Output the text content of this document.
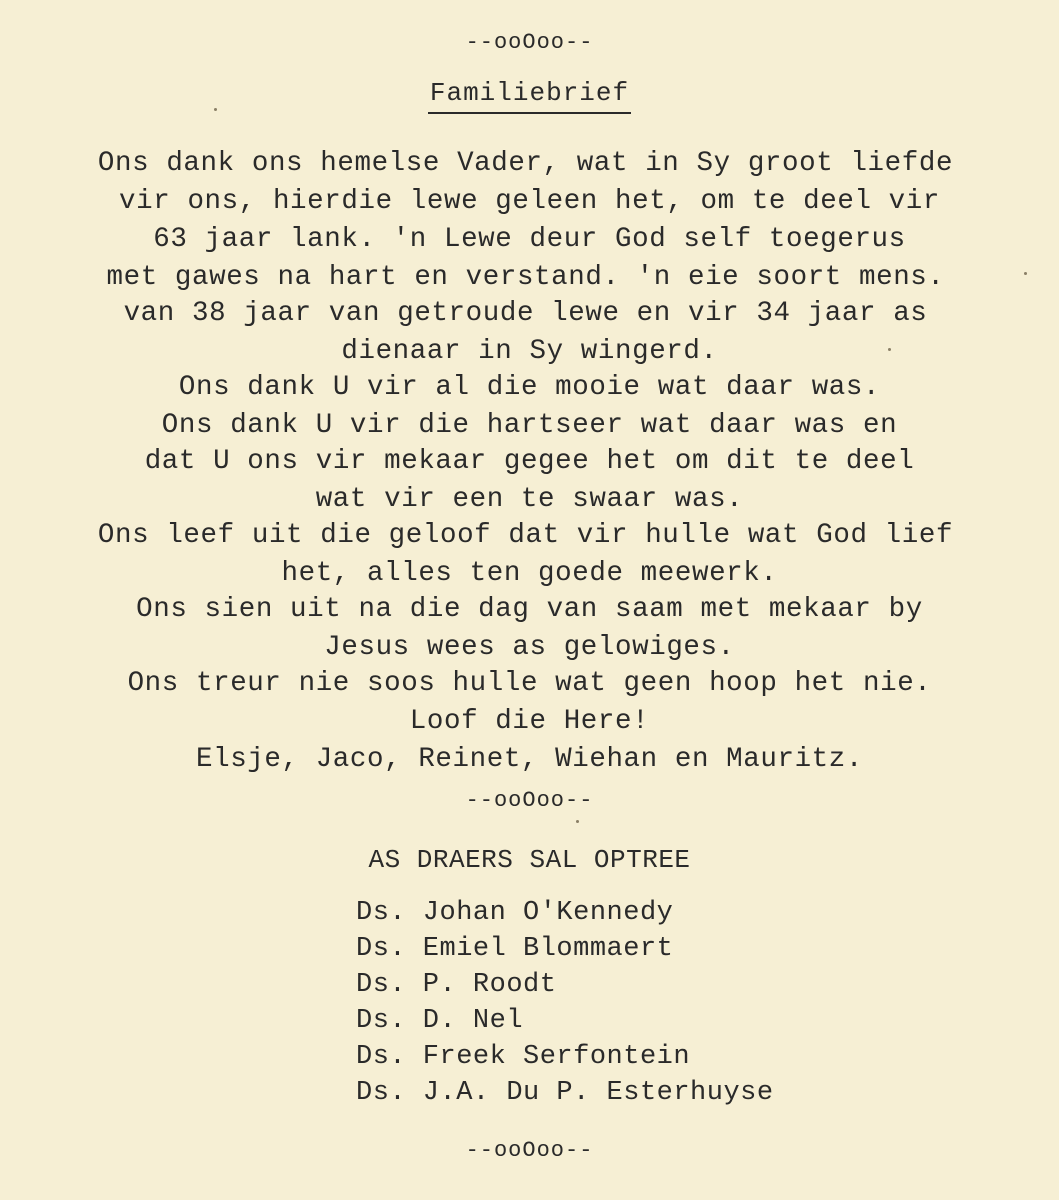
--ooOoo--
Familiebrief
Ons dank ons hemelse Vader, wat in Sy groot liefde
vir ons, hierdie lewe geleen het, om te deel vir
63 jaar lank. 'n Lewe deur God self toegerus
met gawes na hart en verstand. 'n eie soort mens.
van 38 jaar van getroude lewe en vir 34 jaar as
dienaar in Sy wingerd.
Ons dank U vir al die mooie wat daar was.
Ons dank U vir die hartseer wat daar was en
dat U ons vir mekaar gegee het om dit te deel
wat vir een te swaar was.
Ons leef uit die geloof dat vir hulle wat God lief
het, alles ten goede meewerk.
Ons sien uit na die dag van saam met mekaar by
Jesus wees as gelowiges.
Ons treur nie soos hulle wat geen hoop het nie.
Loof die Here!
Elsje, Jaco, Reinet, Wiehan en Mauritz.
--ooOoo--
AS DRAERS SAL OPTREE
Ds. Johan O'Kennedy
Ds. Emiel Blommaert
Ds. P. Roodt
Ds. D. Nel
Ds. Freek Serfontein
Ds. J.A. Du P. Esterhuyse
--ooOoo--
